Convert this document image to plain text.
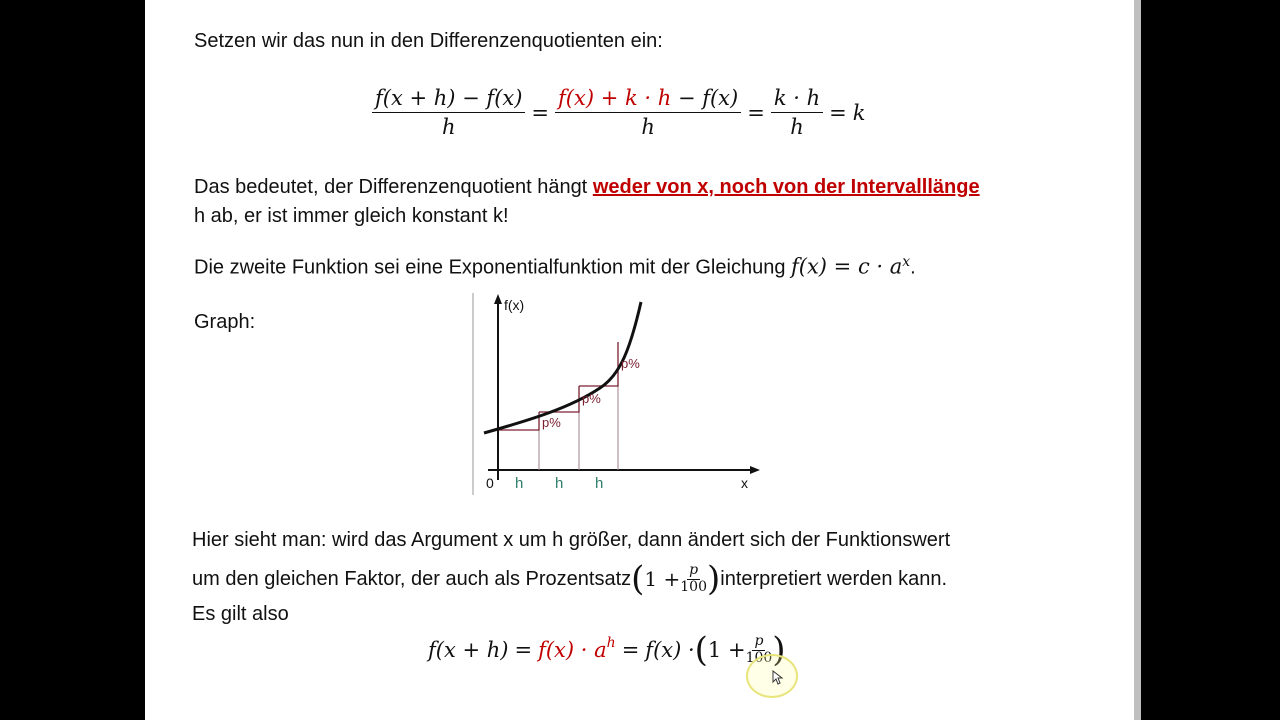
Setzen wir das nun in den Differenzenquotienten ein:
$\frac{f(x + h) - f(x)}{h} = \frac{f(x) + k \cdot h - f(x)}{h} = \frac{k \cdot h}{h} = k$
Das bedeutet, der Differenzenquotient hängt weder von x, noch von der Intervalllänge
h ab, er ist immer gleich konstant k!
Die zweite Funktion sei eine Exponentialfunktion mit der Gleichung $f(x) = c \cdot a^x$.
Graph:
f(x)
x
0 h h h
p%
p%
p%
Hier sieht man: wird das Argument x um h größer, dann ändert sich der Funktionswert
um den gleichen Faktor, der auch als Prozentsatz ( $1 + \frac{p}{100}$ ) interpretiert werden kann.
Es gilt also
$f(x + h) = f(x) \cdot a^h = f(x)$ · ( $1 + \frac{p}{100}$ )
